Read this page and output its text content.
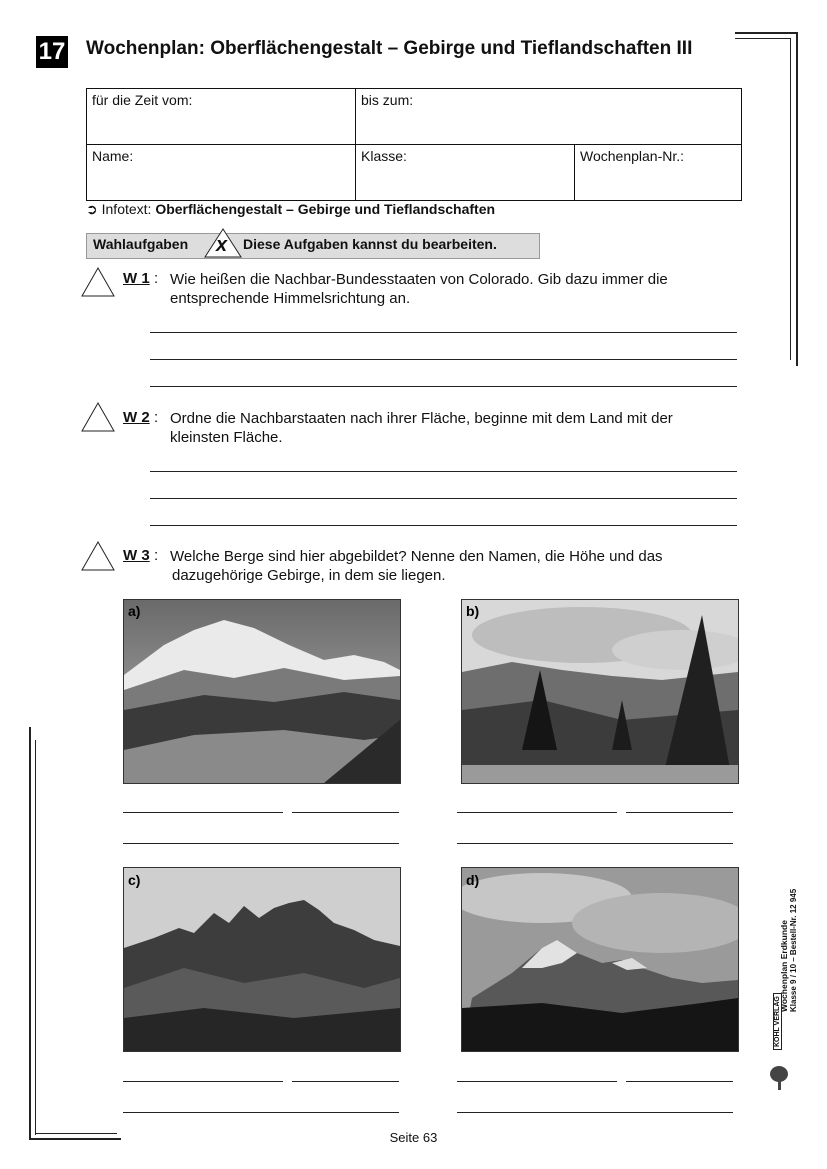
17 Wochenplan: Oberflächengestalt – Gebirge und Tieflandschaften III
für die Zeit vom:	bis zum:	
Name:	Klasse:	Wochenplan-Nr.:
➲ Infotext: Oberflächengestalt – Gebirge und Tieflandschaften
Wahlaufgaben x Diese Aufgaben kannst du bearbeiten.
W 1 : Wie heißen die Nachbar-Bundesstaaten von Colorado. Gib dazu immer die
entsprechende Himmelsrichtung an.
W 2 : Ordne die Nachbarstaaten nach ihrer Fläche, beginne mit dem Land mit der
kleinsten Fläche.
W 3 : Welche Berge sind hier abgebildet? Nenne den Namen, die Höhe und das
dazugehörige Gebirge, in dem sie liegen.
a)	b)
c)	d)
Wochenplan Erdkunde Klasse 9 / 10 – Bestell-Nr. 12 945
KOHL VERLAG
Seite 63
